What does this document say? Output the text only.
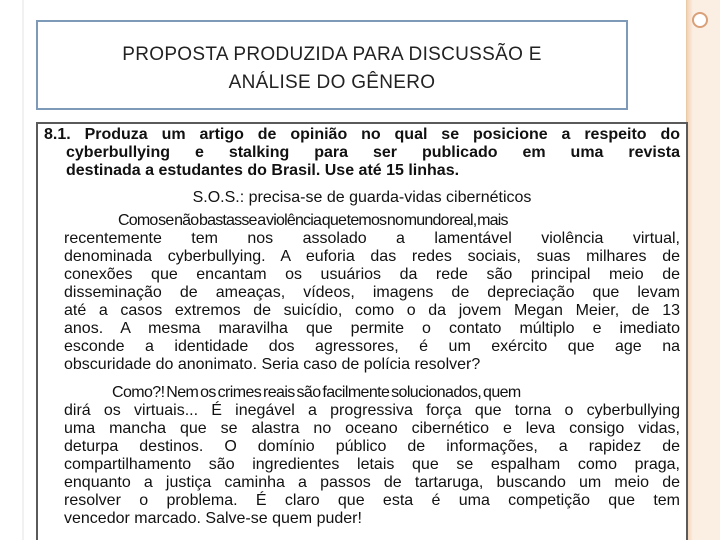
PROPOSTA PRODUZIDA PARA DISCUSSÃO E
ANÁLISE DO GÊNERO
8.1. Produza um artigo de opinião no qual se posicione a respeito do
cyberbullying e stalking para ser publicado em uma revista
destinada a estudantes do Brasil. Use até 15 linhas.
S.O.S.: precisa-se de guarda-vidas cibernéticos
Como se não bastasse a violência que temos no mundo real, mais
recentemente tem nos assolado a lamentável violência virtual,
denominada cyberbullying. A euforia das redes sociais, suas milhares de
conexões que encantam os usuários da rede são principal meio de
disseminação de ameaças, vídeos, imagens de depreciação que levam
até a casos extremos de suicídio, como o da jovem Megan Meier, de 13
anos. A mesma maravilha que permite o contato múltiplo e imediato
esconde a identidade dos agressores, é um exército que age na
obscuridade do anonimato. Seria caso de polícia resolver?
Como?! Nem os crimes reais são facilmente solucionados, quem
dirá os virtuais... É inegável a progressiva força que torna o cyberbullying
uma mancha que se alastra no oceano cibernético e leva consigo vidas,
deturpa destinos. O domínio público de informações, a rapidez de
compartilhamento são ingredientes letais que se espalham como praga,
enquanto a justiça caminha a passos de tartaruga, buscando um meio de
resolver o problema. É claro que esta é uma competição que tem
vencedor marcado. Salve-se quem puder!
